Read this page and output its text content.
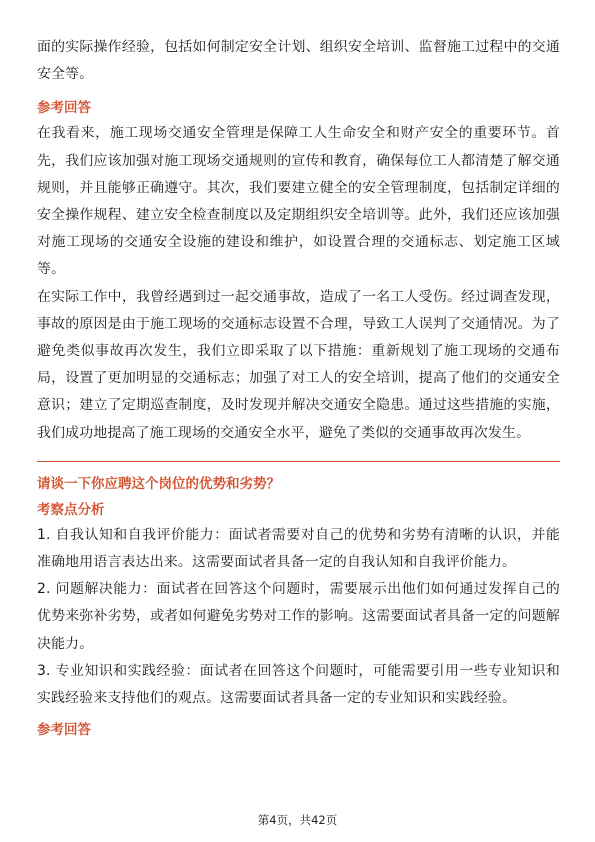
面的实际操作经验，包括如何制定安全计划、组织安全培训、监督施工过程中的交通安全等。

参考回答

在我看来，施工现场交通安全管理是保障工人生命安全和财产安全的重要环节。首先，我们应该加强对施工现场交通规则的宣传和教育，确保每位工人都清楚了解交通规则，并且能够正确遵守。其次，我们要建立健全的安全管理制度，包括制定详细的安全操作规程、建立安全检查制度以及定期组织安全培训等。此外，我们还应该加强对施工现场的交通安全设施的建设和维护，如设置合理的交通标志、划定施工区域等。

在实际工作中，我曾经遇到过一起交通事故，造成了一名工人受伤。经过调查发现，事故的原因是由于施工现场的交通标志设置不合理，导致工人误判了交通情况。为了避免类似事故再次发生，我们立即采取了以下措施：重新规划了施工现场的交通布局，设置了更加明显的交通标志；加强了对工人的安全培训，提高了他们的交通安全意识；建立了定期巡查制度，及时发现并解决交通安全隐患。通过这些措施的实施，我们成功地提高了施工现场的交通安全水平，避免了类似的交通事故再次发生。

请谈一下你应聘这个岗位的优势和劣势？
考察点分析

1. 自我认知和自我评价能力：面试者需要对自己的优势和劣势有清晰的认识，并能准确地用语言表达出来。这需要面试者具备一定的自我认知和自我评价能力。

2. 问题解决能力：面试者在回答这个问题时，需要展示出他们如何通过发挥自己的优势来弥补劣势，或者如何避免劣势对工作的影响。这需要面试者具备一定的问题解决能力。

3. 专业知识和实践经验：面试者在回答这个问题时，可能需要引用一些专业知识和实践经验来支持他们的观点。这需要面试者具备一定的专业知识和实践经验。

参考回答
第4页，共42页
